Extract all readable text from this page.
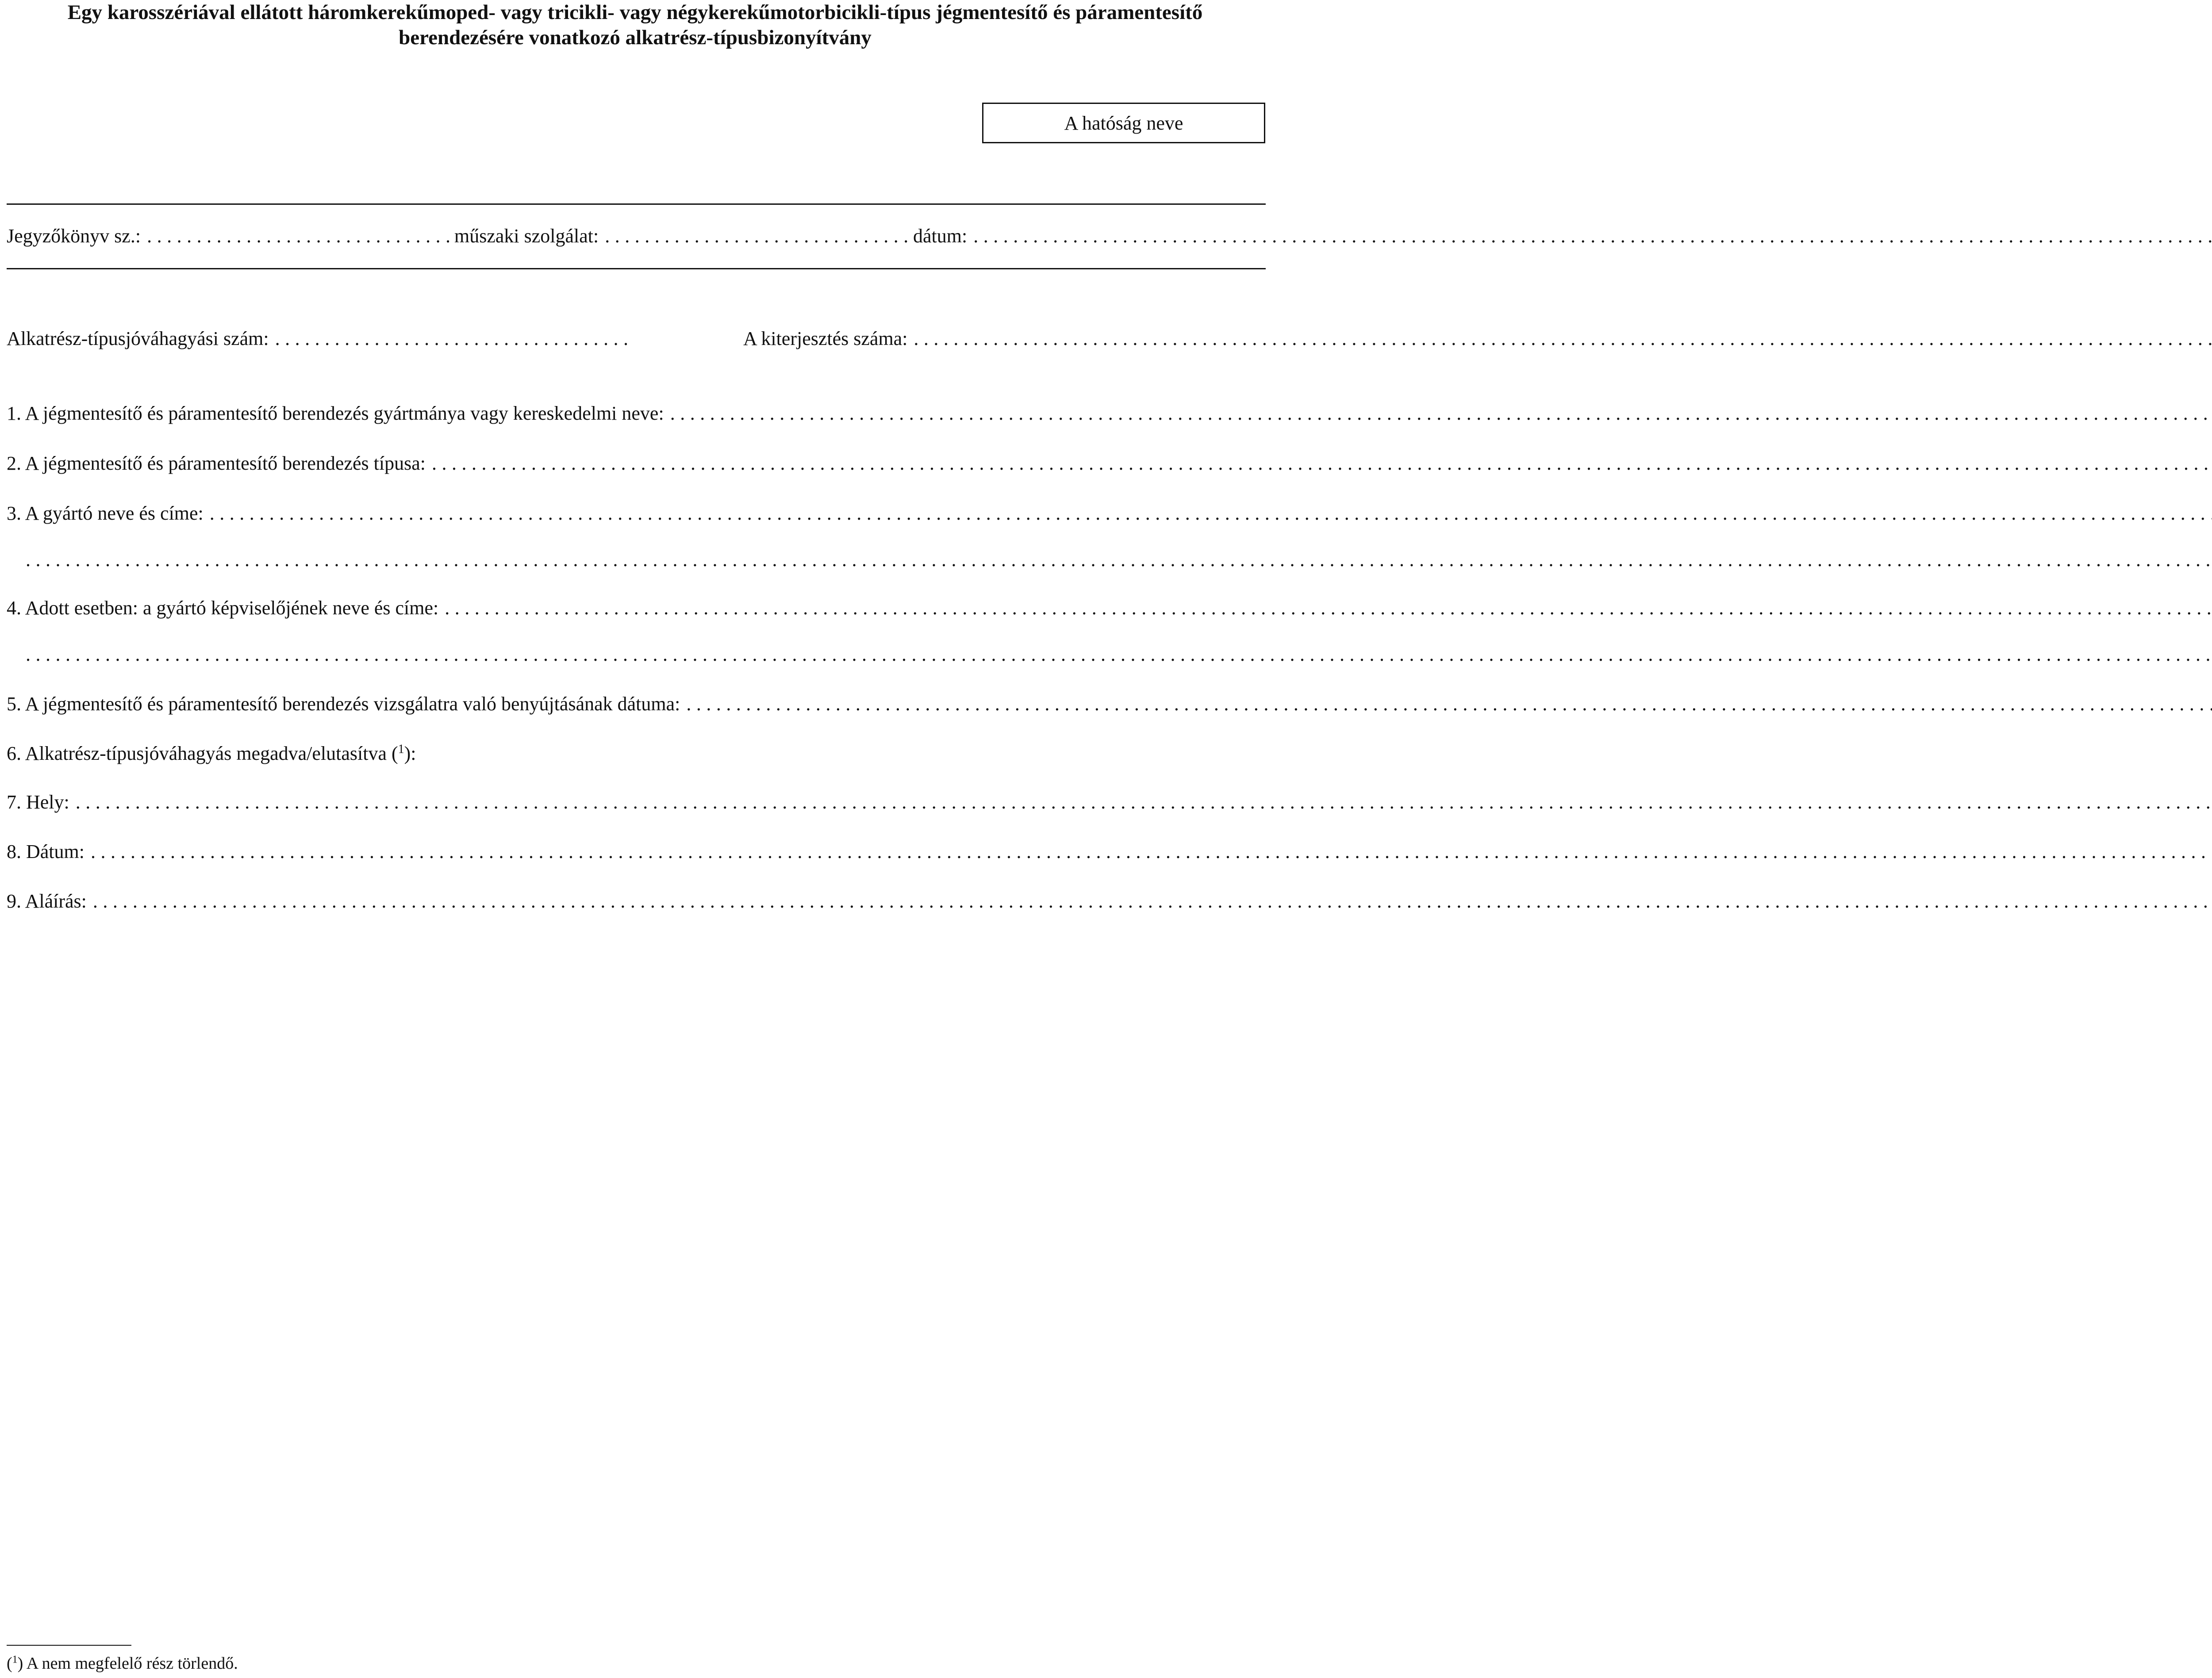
Egy karosszériával ellátott háromkerekűmoped- vagy tricikli- vagy négykerekűmotorbicikli-típus jégmentesítő és páramentesítő
berendezésére vonatkozó alkatrész-típusbizonyítvány
A hatóság neve
Jegyzőkönyv sz.: .....	műszaki szolgálat: .....	dátum:
.....
Alkatrész-típusjóváhagyási szám: .....	A kiterjesztés száma:
.....
1. A jégmentesítő és páramentesítő berendezés gyártmánya vagy kereskedelmi neve:
.....
2. A jégmentesítő és páramentesítő berendezés típusa:
.....
3. A gyártó neve és címe:
.....
.....
4. Adott esetben: a gyártó képviselőjének neve és címe:
.....
.....
5. A jégmentesítő és páramentesítő berendezés vizsgálatra való benyújtásának dátuma:
.....
6. Alkatrész-típusjóváhagyás megadva/elutasítva ($^1$):
7. Hely:
.....
8. Dátum:
.....
9. Aláírás:
.....
($^1$) A nem megfelelő rész törlendő.
